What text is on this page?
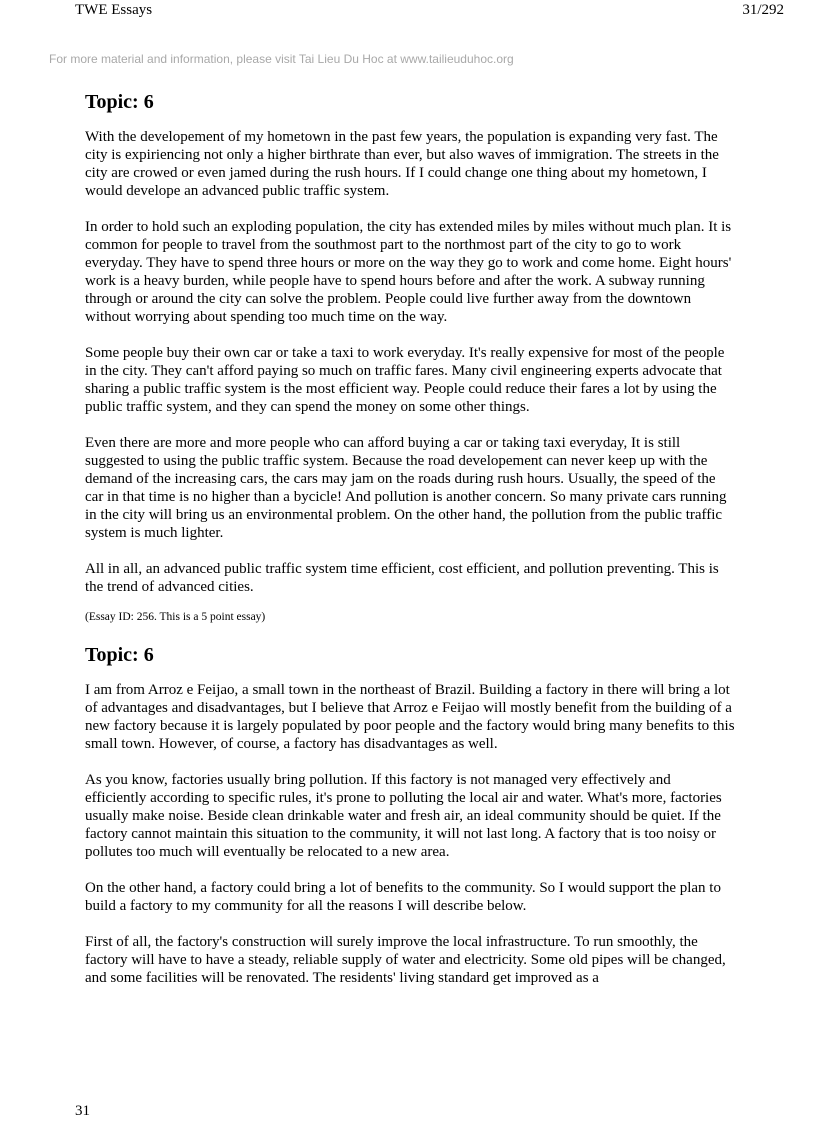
TWE Essays	31/292
For more material and information, please visit Tai Lieu Du Hoc at www.tailieuduhoc.org
Topic: 6

With the developement of my hometown in the past few years, the population is expanding very fast. The city is expiriencing not only a higher birthrate than ever, but also waves of immigration. The streets in the city are crowed or even jamed during the rush hours. If I could change one thing about my hometown, I would develope an advanced public traffic system.

In order to hold such an exploding population, the city has extended miles by miles without much plan. It is common for people to travel from the southmost part to the northmost part of the city to go to work everyday. They have to spend three hours or more on the way they go to work and come home. Eight hours' work is a heavy burden, while people have to spend hours before and after the work. A subway running through or around the city can solve the problem. People could live further away from the downtown without worrying about spending too much time on the way.

Some people buy their own car or take a taxi to work everyday. It's really expensive for most of the people in the city. They can't afford paying so much on traffic fares. Many civil engineering experts advocate that sharing a public traffic system is the most efficient way. People could reduce their fares a lot by using the public traffic system, and they can spend the money on some other things.

Even there are more and more people who can afford buying a car or taking taxi everyday, It is still suggested to using the public traffic system. Because the road developement can never keep up with the demand of the increasing cars, the cars may jam on the roads during rush hours. Usually, the speed of the car in that time is no higher than a bycicle! And pollution is another concern. So many private cars running in the city will bring us an environmental problem. On the other hand, the pollution from the public traffic system is much lighter.

All in all, an advanced public traffic system time efficient, cost efficient, and pollution preventing. This is the trend of advanced cities.

(Essay ID: 256. This is a 5 point essay)

Topic: 6

I am from Arroz e Feijao, a small town in the northeast of Brazil. Building a factory in there will bring a lot of advantages and disadvantages, but I believe that Arroz e Feijao will mostly benefit from the building of a new factory because it is largely populated by poor people and the factory would bring many benefits to this small town. However, of course, a factory has disadvantages as well.

As you know, factories usually bring pollution. If this factory is not managed very effectively and efficiently according to specific rules, it's prone to polluting the local air and water. What's more, factories usually make noise. Beside clean drinkable water and fresh air, an ideal community should be quiet. If the factory cannot maintain this situation to the community, it will not last long. A factory that is too noisy or pollutes too much will eventually be relocated to a new area.

On the other hand, a factory could bring a lot of benefits to the community. So I would support the plan to build a factory to my community for all the reasons I will describe below.

First of all, the factory's construction will surely improve the local infrastructure. To run smoothly, the factory will have to have a steady, reliable supply of water and electricity. Some old pipes will be changed, and some facilities will be renovated. The residents' living standard get improved as a

31
